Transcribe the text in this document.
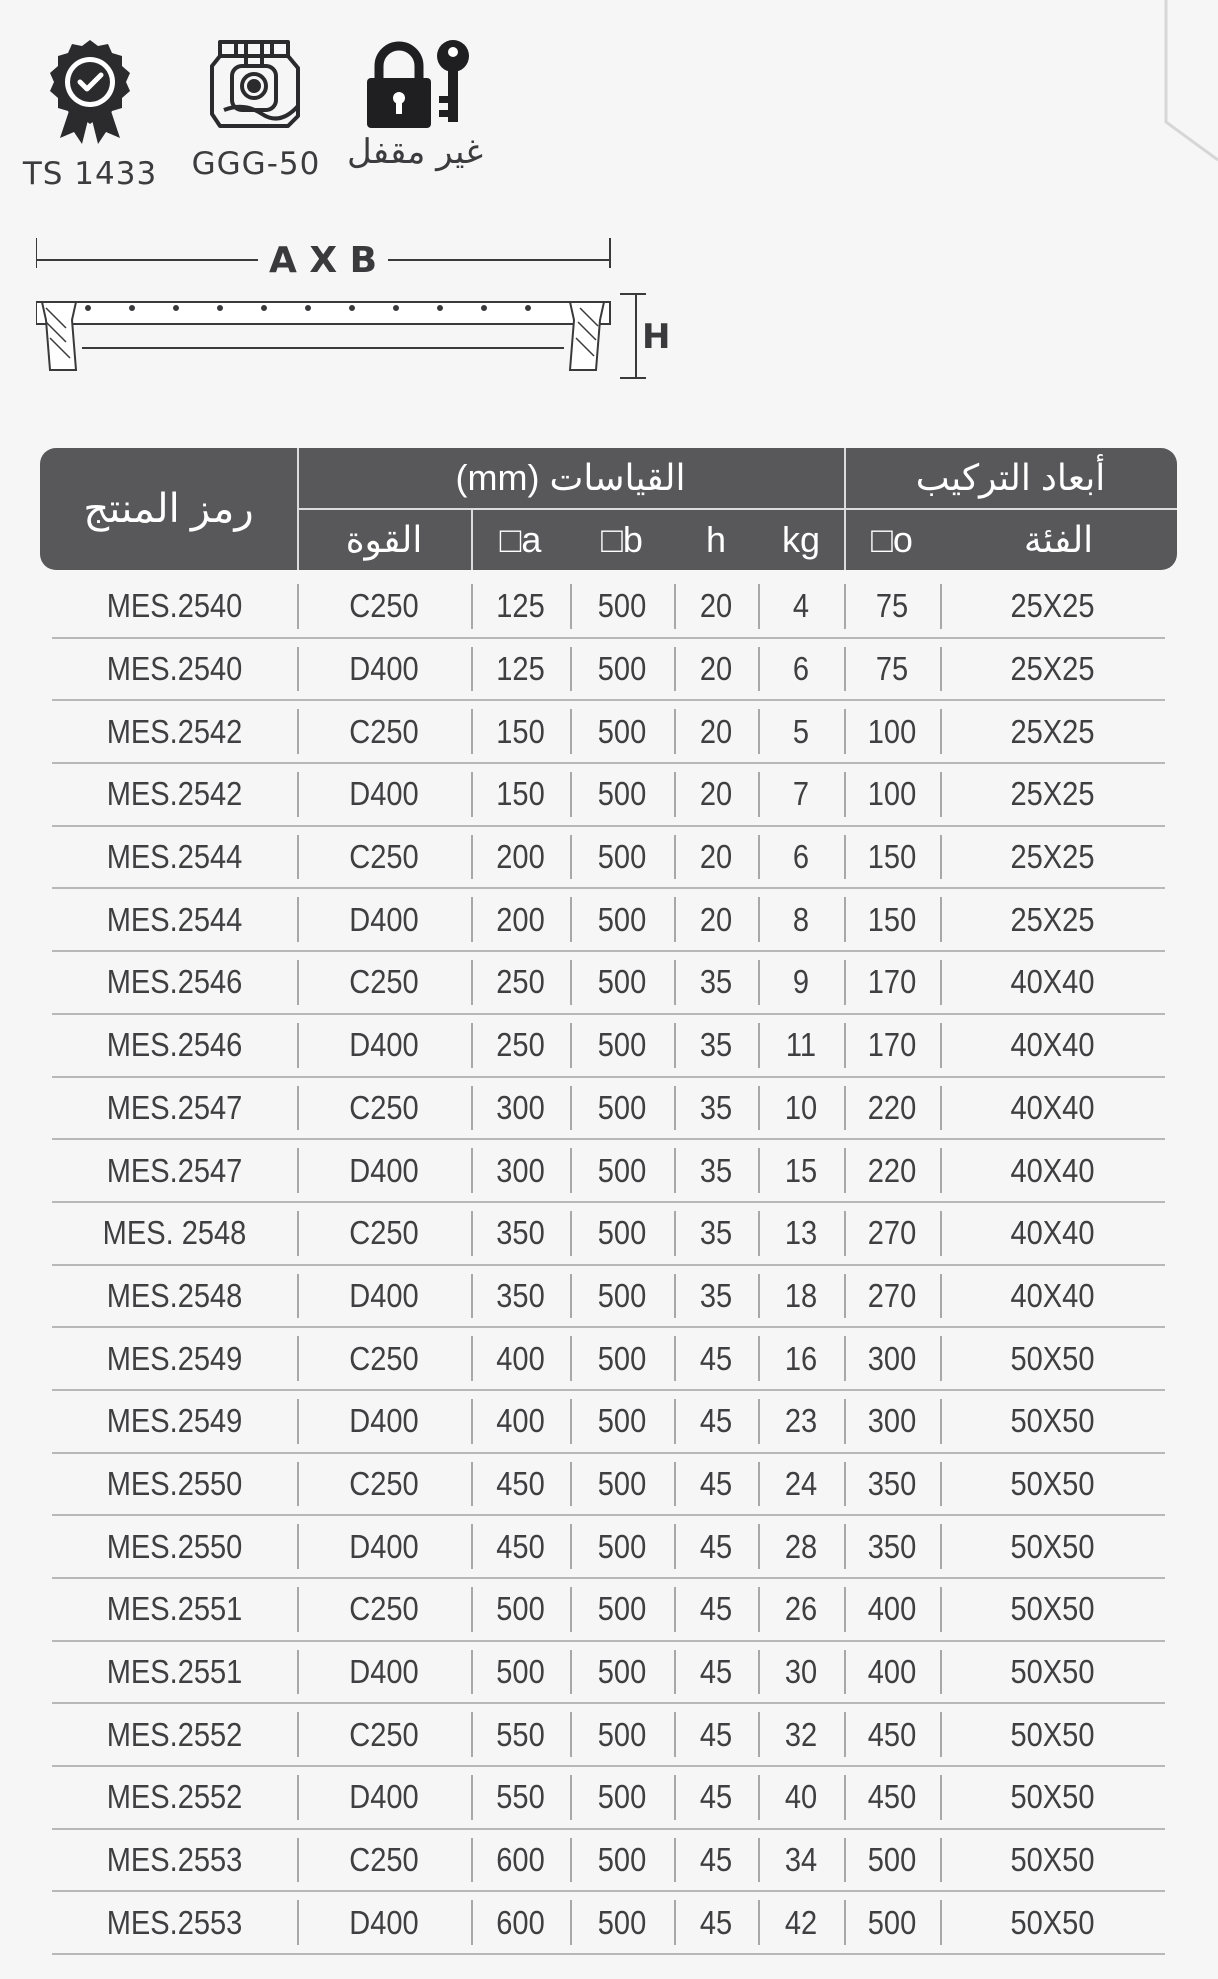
TS 1433 GGG-50 غير مقفل
A X B
H
رمز المنتج
القياسات (mm)	أبعاد التركيب
القوة	□a	□b	h	kg	□o	الفئة
MES.2540	C250	125	500	20	4	75	25X25
MES.2540	D400	125	500	20	6	75	25X25
MES.2542	C250	150	500	20	5	100	25X25
MES.2542	D400	150	500	20	7	100	25X25
MES.2544	C250	200	500	20	6	150	25X25
MES.2544	D400	200	500	20	8	150	25X25
MES.2546	C250	250	500	35	9	170	40X40
MES.2546	D400	250	500	35	11	170	40X40
MES.2547	C250	300	500	35	10	220	40X40
MES.2547	D400	300	500	35	15	220	40X40
MES. 2548	C250	350	500	35	13	270	40X40
MES.2548	D400	350	500	35	18	270	40X40
MES.2549	C250	400	500	45	16	300	50X50
MES.2549	D400	400	500	45	23	300	50X50
MES.2550	C250	450	500	45	24	350	50X50
MES.2550	D400	450	500	45	28	350	50X50
MES.2551	C250	500	500	45	26	400	50X50
MES.2551	D400	500	500	45	30	400	50X50
MES.2552	C250	550	500	45	32	450	50X50
MES.2552	D400	550	500	45	40	450	50X50
MES.2553	C250	600	500	45	34	500	50X50
MES.2553	D400	600	500	45	42	500	50X50
